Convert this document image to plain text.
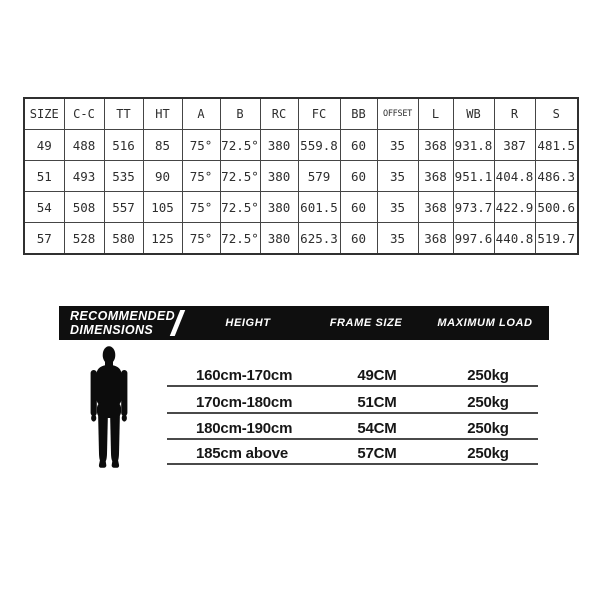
SIZE	C-C	TT	HT	A	B	RC	FC	BB	OFFSET	L	WB	R	S
49	488	516	85	75°	72.5°	380	559.8	60	35	368	931.8	387	481.5
51	493	535	90	75°	72.5°	380	579	60	35	368	951.1	404.8	486.3
54	508	557	105	75°	72.5°	380	601.5	60	35	368	973.7	422.9	500.6
57	528	580	125	75°	72.5°	380	625.3	60	35	368	997.6	440.8	519.7
RECOMMENDED
DIMENSIONS	HEIGHT	FRAME SIZE	MAXIMUM LOAD
160cm-170cm	49CM	250kg
170cm-180cm	51CM	250kg
180cm-190cm	54CM	250kg
185cm above	57CM	250kg
